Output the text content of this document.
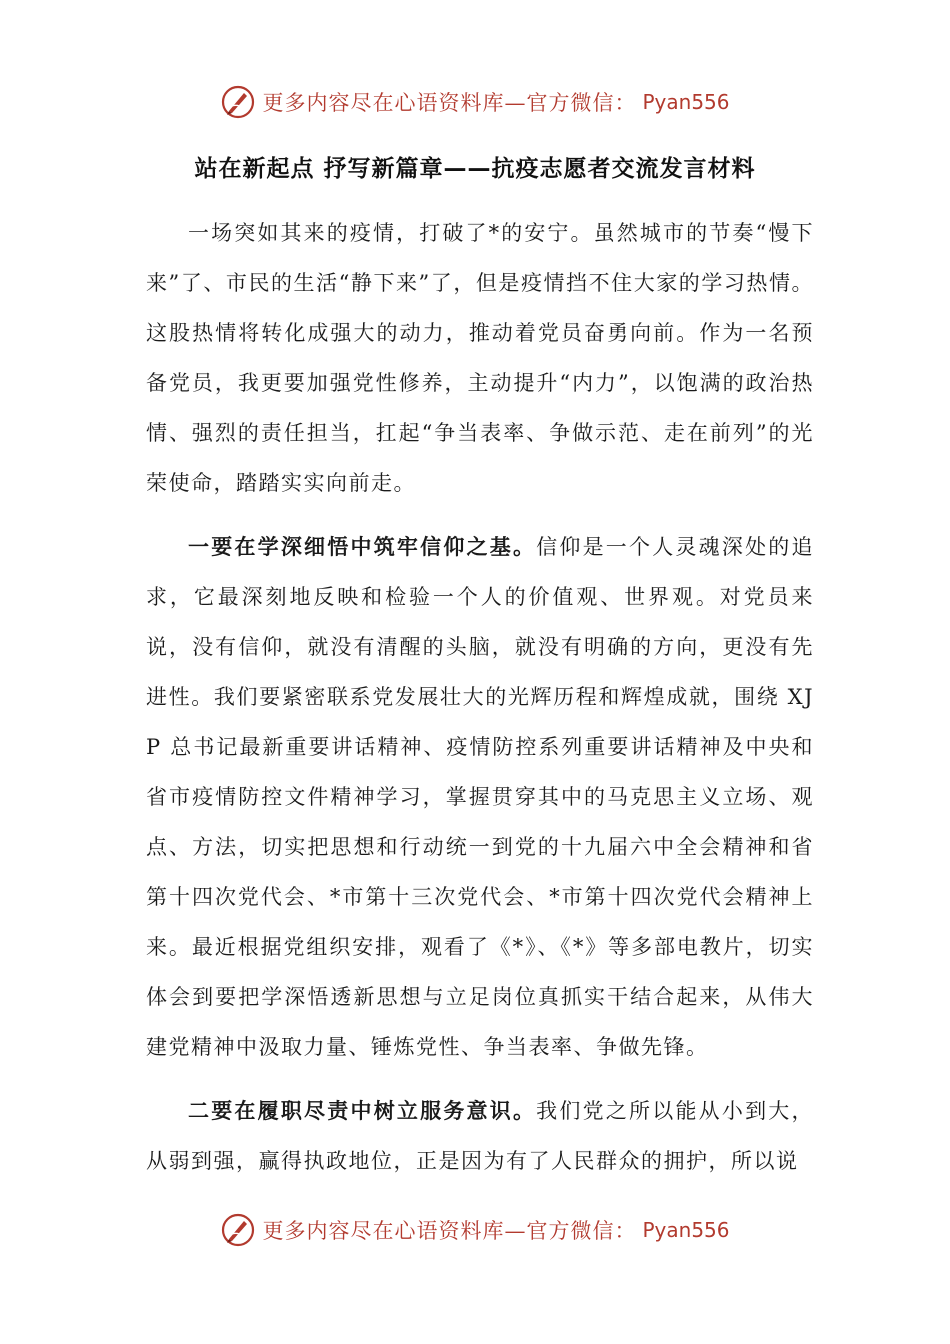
更多内容尽在心语资料库—官方微信： Pyan556
站在新起点 抒写新篇章——抗疫志愿者交流发言材料

一场突如其来的疫情，打破了*的安宁。虽然城市的节奏“慢下来”了、市民的生活“静下来”了，但是疫情挡不住大家的学习热情。这股热情将转化成强大的动力，推动着党员奋勇向前。作为一名预备党员，我更要加强党性修养，主动提升“内力”，以饱满的政治热情、强烈的责任担当，扛起“争当表率、争做示范、走在前列”的光荣使命，踏踏实实向前走。

一要在学深细悟中筑牢信仰之基。信仰是一个人灵魂深处的追求，它最深刻地反映和检验一个人的价值观、世界观。对党员来说，没有信仰，就没有清醒的头脑，就没有明确的方向，更没有先进性。我们要紧密联系党发展壮大的光辉历程和辉煌成就，围绕 XJP 总书记最新重要讲话精神、疫情防控系列重要讲话精神及中央和省市疫情防控文件精神学习，掌握贯穿其中的马克思主义立场、观点、方法，切实把思想和行动统一到党的十九届六中全会精神和省第十四次党代会、*市第十三次党代会、*市第十四次党代会精神上来。最近根据党组织安排，观看了《*》、《*》等多部电教片，切实体会到要把学深悟透新思想与立足岗位真抓实干结合起来，从伟大建党精神中汲取力量、锤炼党性、争当表率、争做先锋。

二要在履职尽责中树立服务意识。我们党之所以能从小到大，从弱到强，赢得执政地位，正是因为有了人民群众的拥护，所以说

更多内容尽在心语资料库—官方微信： Pyan556
